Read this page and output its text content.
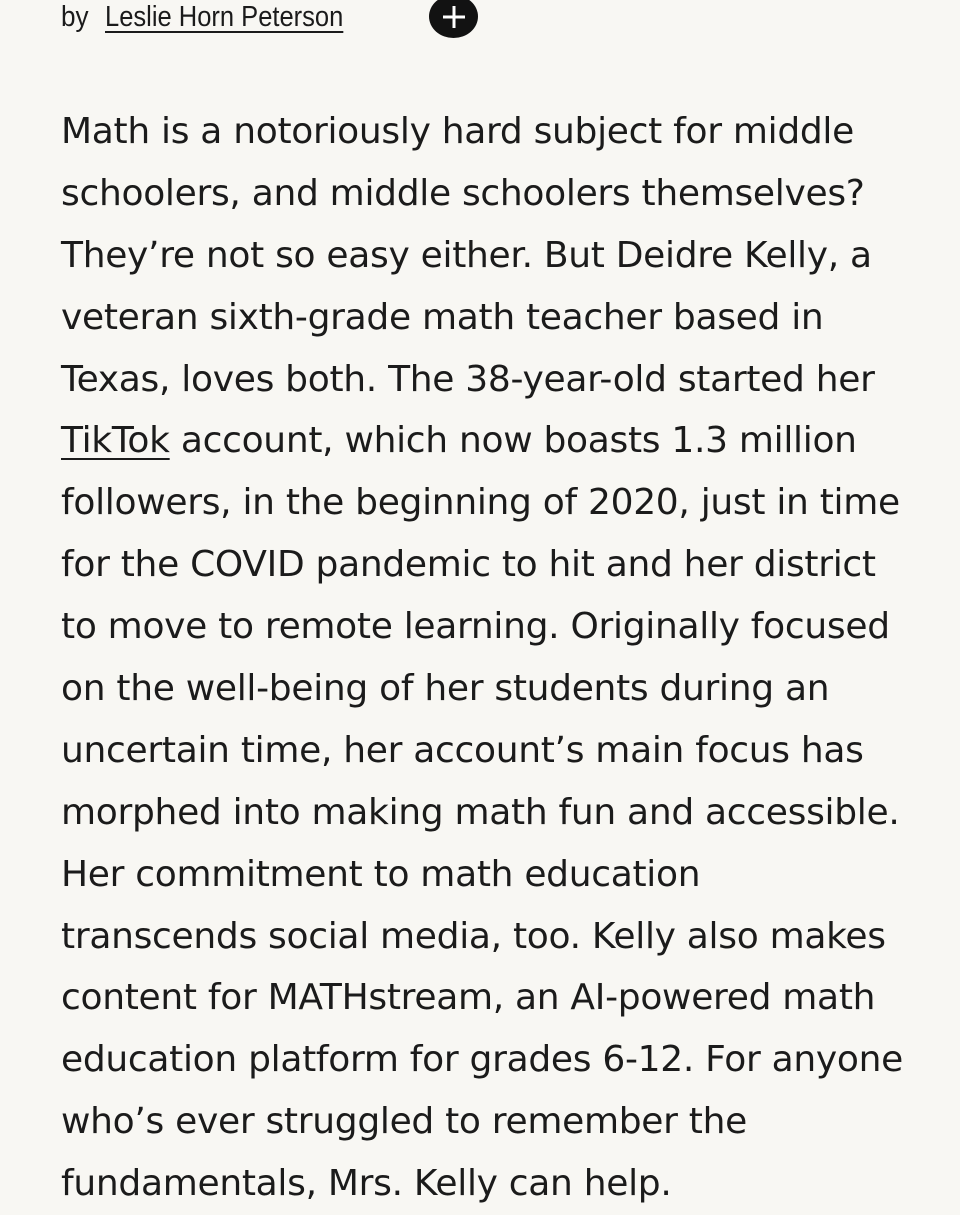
by Leslie Horn Peterson
Math is a notoriously hard subject for middle
schoolers, and middle schoolers themselves?
They’re not so easy either. But Deidre Kelly, a
veteran sixth-grade math teacher based in
Texas, loves both. The 38-year-old started her
TikTok account, which now boasts 1.3 million
followers, in the beginning of 2020, just in time
for the COVID pandemic to hit and her district
to move to remote learning. Originally focused
on the well-being of her students during an
uncertain time, her account’s main focus has
morphed into making math fun and accessible.
Her commitment to math education
transcends social media, too. Kelly also makes
content for MATHstream, an AI-powered math
education platform for grades 6-12. For anyone
who’s ever struggled to remember the
fundamentals, Mrs. Kelly can help.
